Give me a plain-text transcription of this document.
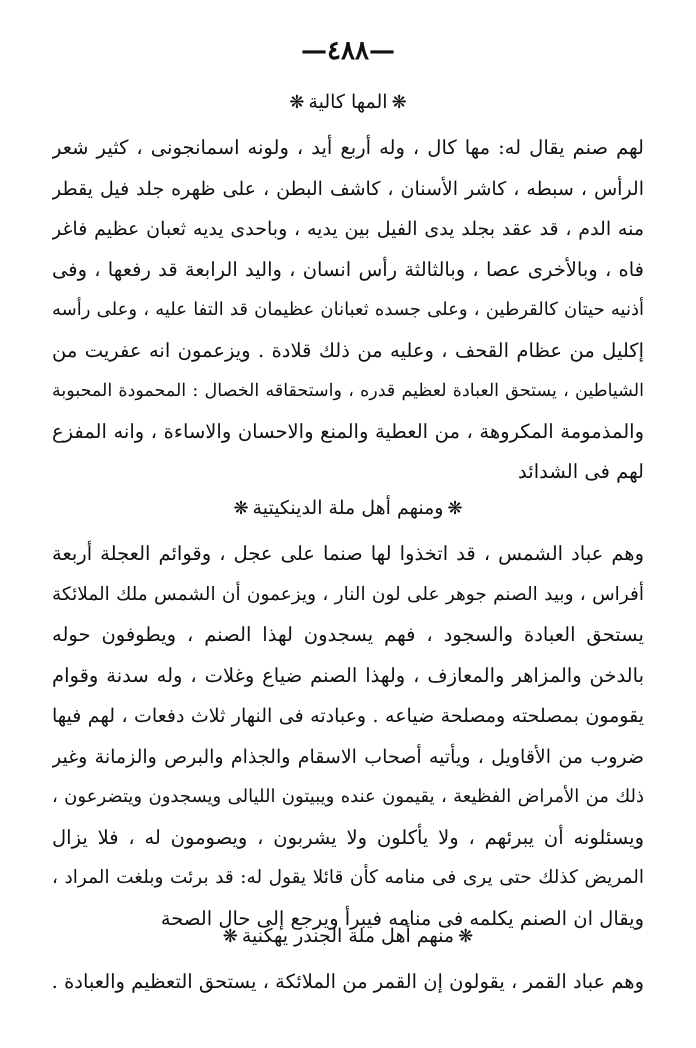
—٤٨٨—
❋المها كالية❋
لهم صنم يقال له: مها كال ، وله أربع أيد ، ولونه اسمانجونى ، كثير شعر
الرأس ، سبطه ، كاشر الأسنان ، كاشف البطن ، على ظهره جلد فيل يقطر
منه الدم ، قد عقد بجلد يدى الفيل بين يديه ، وباحدى يديه ثعبان عظيم فاغر
فاه ، وبالأخرى عصا ، وبالثالثة رأس انسان ، واليد الرابعة قد رفعها ، وفى
أذنيه حيتان كالقرطين ، وعلى جسده ثعبانان عظيمان قد التفا عليه ، وعلى رأسه
إكليل من عظام القحف ، وعليه من ذلك قلادة . ويزعمون انه عفريت من
الشياطين ، يستحق العبادة لعظيم قدره ، واستحقاقه الخصال : المحمودة المحبوبة
والمذمومة المكروهة ، من العطية والمنع والاحسان والاساءة ، وانه المفزع
لهم فى الشدائد
❋ومنهم أهل ملة الدينكيتية❋
وهم عباد الشمس ، قد اتخذوا لها صنما على عجل ، وقوائم العجلة أربعة
أفراس ، وبيد الصنم جوهر على لون النار ، ويزعمون أن الشمس ملك الملائكة
يستحق العبادة والسجود ، فهم يسجدون لهذا الصنم ، ويطوفون حوله
بالدخن والمزاهر والمعازف ، ولهذا الصنم ضياع وغلات ، وله سدنة وقوام
يقومون بمصلحته ومصلحة ضياعه . وعبادته فى النهار ثلاث دفعات ، لهم فيها
ضروب من الأقاويل ، ويأتيه أصحاب الاسقام والجذام والبرص والزمانة وغير
ذلك من الأمراض الفظيعة ، يقيمون عنده ويبيتون الليالى ويسجدون ويتضرعون ،
ويسئلونه أن يبرئهم ، ولا يأكلون ولا يشربون ، ويصومون له ، فلا يزال
المريض كذلك حتى يرى فى منامه كأن قائلا يقول له: قد برئت وبلغت المراد ،
ويقال ان الصنم يكلمه فى منامه فيبرأ ويرجع إلى حال الصحة
❋منهم أهل ملة الجندر يهكنية❋
وهم عباد القمر ، يقولون إن القمر من الملائكة ، يستحق التعظيم والعبادة .
